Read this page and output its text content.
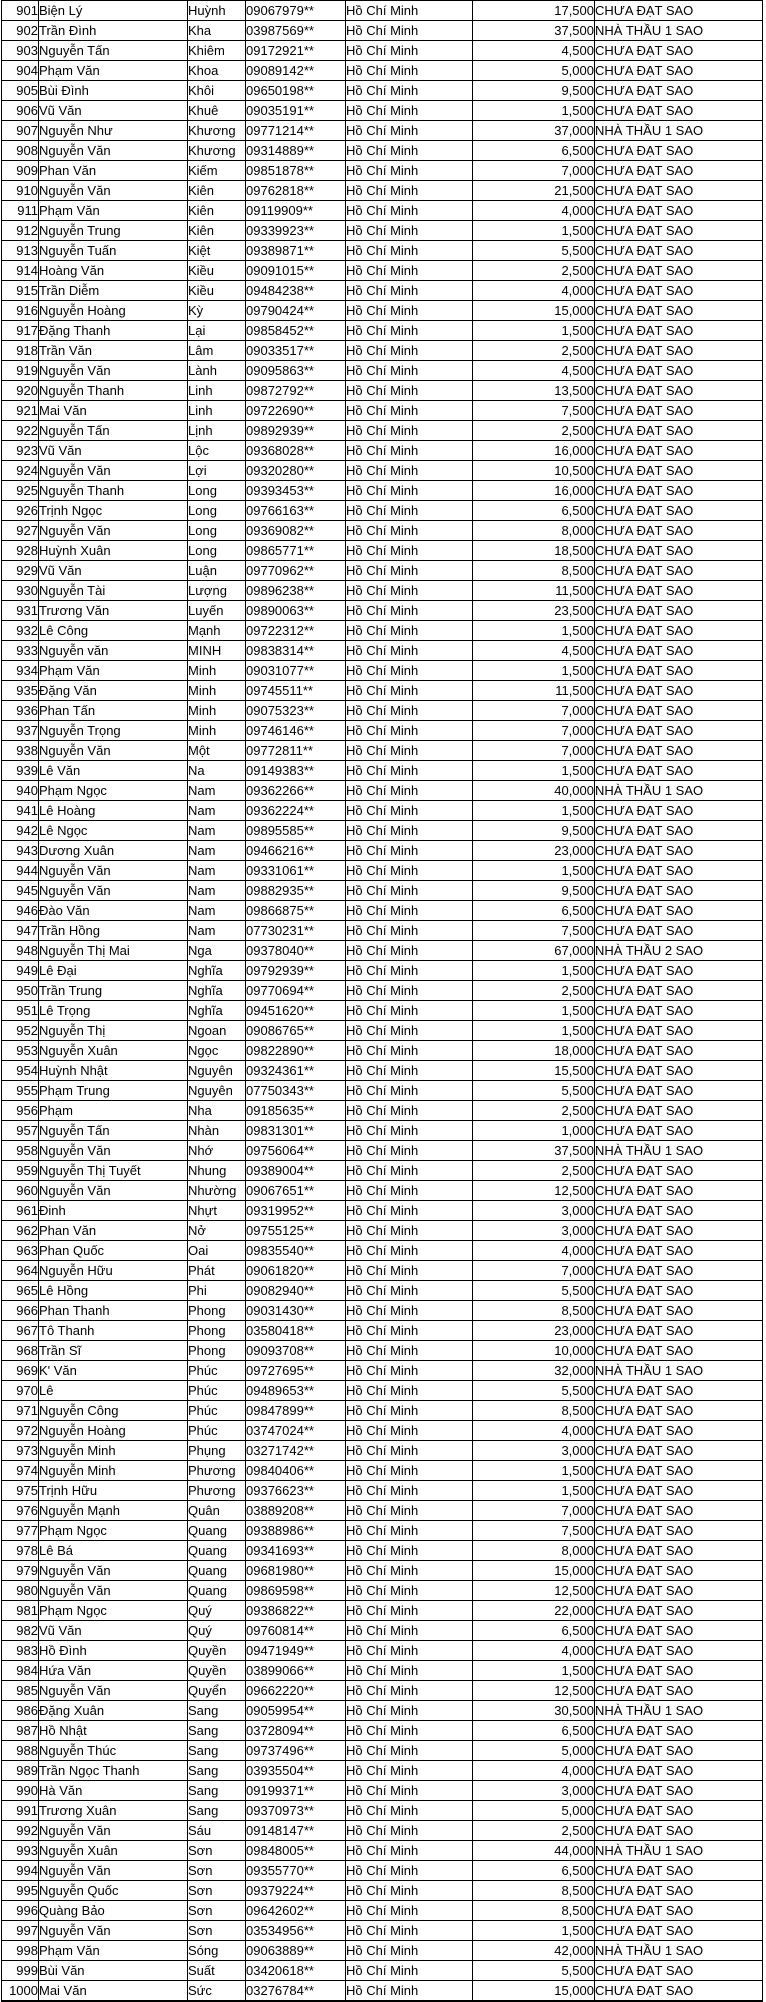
901	Biện Lý	Huỳnh	09067979**	Hồ Chí Minh	17,500	CHƯA ĐẠT SAO
902	Trần Đình	Kha	03987569**	Hồ Chí Minh	37,500	NHÀ THẦU 1 SAO
903	Nguyễn Tấn	Khiêm	09172921**	Hồ Chí Minh	4,500	CHƯA ĐẠT SAO
904	Phạm Văn	Khoa	09089142**	Hồ Chí Minh	5,000	CHƯA ĐẠT SAO
905	Bùi Đình	Khôi	09650198**	Hồ Chí Minh	9,500	CHƯA ĐẠT SAO
906	Vũ Văn	Khuê	09035191**	Hồ Chí Minh	1,500	CHƯA ĐẠT SAO
907	Nguyễn Như	Khương	09771214**	Hồ Chí Minh	37,000	NHÀ THẦU 1 SAO
908	Nguyễn Văn	Khương	09314889**	Hồ Chí Minh	6,500	CHƯA ĐẠT SAO
909	Phan Văn	Kiếm	09851878**	Hồ Chí Minh	7,000	CHƯA ĐẠT SAO
910	Nguyễn Văn	Kiên	09762818**	Hồ Chí Minh	21,500	CHƯA ĐẠT SAO
911	Phạm Văn	Kiên	09119909**	Hồ Chí Minh	4,000	CHƯA ĐẠT SAO
912	Nguyễn Trung	Kiên	09339923**	Hồ Chí Minh	1,500	CHƯA ĐẠT SAO
913	Nguyễn Tuấn	Kiệt	09389871**	Hồ Chí Minh	5,500	CHƯA ĐẠT SAO
914	Hoàng Văn	Kiều	09091015**	Hồ Chí Minh	2,500	CHƯA ĐẠT SAO
915	Trần Diễm	Kiều	09484238**	Hồ Chí Minh	4,000	CHƯA ĐẠT SAO
916	Nguyễn Hoàng	Kỳ	09790424**	Hồ Chí Minh	15,000	CHƯA ĐẠT SAO
917	Đặng Thanh	Lại	09858452**	Hồ Chí Minh	1,500	CHƯA ĐẠT SAO
918	Trần Văn	Lâm	09033517**	Hồ Chí Minh	2,500	CHƯA ĐẠT SAO
919	Nguyễn Văn	Lành	09095863**	Hồ Chí Minh	4,500	CHƯA ĐẠT SAO
920	Nguyễn Thanh	Linh	09872792**	Hồ Chí Minh	13,500	CHƯA ĐẠT SAO
921	Mai Văn	Linh	09722690**	Hồ Chí Minh	7,500	CHƯA ĐẠT SAO
922	Nguyễn Tấn	Lịnh	09892939**	Hồ Chí Minh	2,500	CHƯA ĐẠT SAO
923	Vũ Văn	Lộc	09368028**	Hồ Chí Minh	16,000	CHƯA ĐẠT SAO
924	Nguyễn Văn	Lợi	09320280**	Hồ Chí Minh	10,500	CHƯA ĐẠT SAO
925	Nguyễn Thanh	Long	09393453**	Hồ Chí Minh	16,000	CHƯA ĐẠT SAO
926	Trịnh Ngọc	Long	09766163**	Hồ Chí Minh	6,500	CHƯA ĐẠT SAO
927	Nguyễn Văn	Long	09369082**	Hồ Chí Minh	8,000	CHƯA ĐẠT SAO
928	Huỳnh Xuân	Long	09865771**	Hồ Chí Minh	18,500	CHƯA ĐẠT SAO
929	Vũ Văn	Luận	09770962**	Hồ Chí Minh	8,500	CHƯA ĐẠT SAO
930	Nguyễn Tài	Lượng	09896238**	Hồ Chí Minh	11,500	CHƯA ĐẠT SAO
931	Trương Văn	Luyến	09890063**	Hồ Chí Minh	23,500	CHƯA ĐẠT SAO
932	Lê Công	Mạnh	09722312**	Hồ Chí Minh	1,500	CHƯA ĐẠT SAO
933	Nguyễn văn	MINH	09838314**	Hồ Chí Minh	4,500	CHƯA ĐẠT SAO
934	Phạm Văn	Minh	09031077**	Hồ Chí Minh	1,500	CHƯA ĐẠT SAO
935	Đặng Văn	Minh	09745511**	Hồ Chí Minh	11,500	CHƯA ĐẠT SAO
936	Phan Tấn	Minh	09075323**	Hồ Chí Minh	7,000	CHƯA ĐẠT SAO
937	Nguyễn Trọng	Minh	09746146**	Hồ Chí Minh	7,000	CHƯA ĐẠT SAO
938	Nguyễn Văn	Một	09772811**	Hồ Chí Minh	7,000	CHƯA ĐẠT SAO
939	Lê Văn	Na	09149383**	Hồ Chí Minh	1,500	CHƯA ĐẠT SAO
940	Phạm Ngọc	Nam	09362266**	Hồ Chí Minh	40,000	NHÀ THẦU 1 SAO
941	Lê Hoàng	Nam	09362224**	Hồ Chí Minh	1,500	CHƯA ĐẠT SAO
942	Lê Ngọc	Nam	09895585**	Hồ Chí Minh	9,500	CHƯA ĐẠT SAO
943	Dương Xuân	Nam	09466216**	Hồ Chí Minh	23,000	CHƯA ĐẠT SAO
944	Nguyễn Văn	Nam	09331061**	Hồ Chí Minh	1,500	CHƯA ĐẠT SAO
945	Nguyễn Văn	Nam	09882935**	Hồ Chí Minh	9,500	CHƯA ĐẠT SAO
946	Đào Văn	Nam	09866875**	Hồ Chí Minh	6,500	CHƯA ĐẠT SAO
947	Trần Hồng	Nam	07730231**	Hồ Chí Minh	7,500	CHƯA ĐẠT SAO
948	Nguyễn Thị Mai	Nga	09378040**	Hồ Chí Minh	67,000	NHÀ THẦU 2 SAO
949	Lê Đại	Nghĩa	09792939**	Hồ Chí Minh	1,500	CHƯA ĐẠT SAO
950	Trần Trung	Nghĩa	09770694**	Hồ Chí Minh	2,500	CHƯA ĐẠT SAO
951	Lê Trọng	Nghĩa	09451620**	Hồ Chí Minh	1,500	CHƯA ĐẠT SAO
952	Nguyễn Thị	Ngoan	09086765**	Hồ Chí Minh	1,500	CHƯA ĐẠT SAO
953	Nguyễn Xuân	Ngọc	09822890**	Hồ Chí Minh	18,000	CHƯA ĐẠT SAO
954	Huỳnh Nhật	Nguyên	09324361**	Hồ Chí Minh	15,500	CHƯA ĐẠT SAO
955	Phạm Trung	Nguyên	07750343**	Hồ Chí Minh	5,500	CHƯA ĐẠT SAO
956	Phạm	Nha	09185635**	Hồ Chí Minh	2,500	CHƯA ĐẠT SAO
957	Nguyễn Tấn	Nhàn	09831301**	Hồ Chí Minh	1,000	CHƯA ĐẠT SAO
958	Nguyễn Văn	Nhớ	09756064**	Hồ Chí Minh	37,500	NHÀ THẦU 1 SAO
959	Nguyễn Thị Tuyết	Nhung	09389004**	Hồ Chí Minh	2,500	CHƯA ĐẠT SAO
960	Nguyễn Văn	Nhường	09067651**	Hồ Chí Minh	12,500	CHƯA ĐẠT SAO
961	Đinh	Nhựt	09319952**	Hồ Chí Minh	3,000	CHƯA ĐẠT SAO
962	Phan Văn	Nở	09755125**	Hồ Chí Minh	3,000	CHƯA ĐẠT SAO
963	Phan Quốc	Oai	09835540**	Hồ Chí Minh	4,000	CHƯA ĐẠT SAO
964	Nguyễn Hữu	Phát	09061820**	Hồ Chí Minh	7,000	CHƯA ĐẠT SAO
965	Lê Hồng	Phi	09082940**	Hồ Chí Minh	5,500	CHƯA ĐẠT SAO
966	Phan Thanh	Phong	09031430**	Hồ Chí Minh	8,500	CHƯA ĐẠT SAO
967	Tô Thanh	Phong	03580418**	Hồ Chí Minh	23,000	CHƯA ĐẠT SAO
968	Trần Sĩ	Phong	09093708**	Hồ Chí Minh	10,000	CHƯA ĐẠT SAO
969	K' Văn	Phúc	09727695**	Hồ Chí Minh	32,000	NHÀ THẦU 1 SAO
970	Lê	Phúc	09489653**	Hồ Chí Minh	5,500	CHƯA ĐẠT SAO
971	Nguyễn Công	Phúc	09847899**	Hồ Chí Minh	8,500	CHƯA ĐẠT SAO
972	Nguyễn Hoàng	Phúc	03747024**	Hồ Chí Minh	4,000	CHƯA ĐẠT SAO
973	Nguyễn Minh	Phụng	03271742**	Hồ Chí Minh	3,000	CHƯA ĐẠT SAO
974	Nguyễn Minh	Phương	09840406**	Hồ Chí Minh	1,500	CHƯA ĐẠT SAO
975	Trịnh Hữu	Phương	09376623**	Hồ Chí Minh	1,500	CHƯA ĐẠT SAO
976	Nguyễn Mạnh	Quân	03889208**	Hồ Chí Minh	7,000	CHƯA ĐẠT SAO
977	Phạm Ngọc	Quang	09388986**	Hồ Chí Minh	7,500	CHƯA ĐẠT SAO
978	Lê Bá	Quang	09341693**	Hồ Chí Minh	8,000	CHƯA ĐẠT SAO
979	Nguyễn Văn	Quang	09681980**	Hồ Chí Minh	15,000	CHƯA ĐẠT SAO
980	Nguyễn Văn	Quang	09869598**	Hồ Chí Minh	12,500	CHƯA ĐẠT SAO
981	Phạm Ngọc	Quý	09386822**	Hồ Chí Minh	22,000	CHƯA ĐẠT SAO
982	Vũ Văn	Quý	09760814**	Hồ Chí Minh	6,500	CHƯA ĐẠT SAO
983	Hồ Đình	Quyền	09471949**	Hồ Chí Minh	4,000	CHƯA ĐẠT SAO
984	Hứa Văn	Quyền	03899066**	Hồ Chí Minh	1,500	CHƯA ĐẠT SAO
985	Nguyễn Văn	Quyển	09662220**	Hồ Chí Minh	12,500	CHƯA ĐẠT SAO
986	Đặng Xuân	Sang	09059954**	Hồ Chí Minh	30,500	NHÀ THẦU 1 SAO
987	Hồ Nhật	Sang	03728094**	Hồ Chí Minh	6,500	CHƯA ĐẠT SAO
988	Nguyễn Thúc	Sang	09737496**	Hồ Chí Minh	5,000	CHƯA ĐẠT SAO
989	Trần Ngọc Thanh	Sang	03935504**	Hồ Chí Minh	4,000	CHƯA ĐẠT SAO
990	Hà Văn	Sang	09199371**	Hồ Chí Minh	3,000	CHƯA ĐẠT SAO
991	Trương Xuân	Sang	09370973**	Hồ Chí Minh	5,000	CHƯA ĐẠT SAO
992	Nguyễn Văn	Sáu	09148147**	Hồ Chí Minh	2,500	CHƯA ĐẠT SAO
993	Nguyễn Xuân	Sơn	09848005**	Hồ Chí Minh	44,000	NHÀ THẦU 1 SAO
994	Nguyễn Văn	Sơn	09355770**	Hồ Chí Minh	6,500	CHƯA ĐẠT SAO
995	Nguyễn Quốc	Sơn	09379224**	Hồ Chí Minh	8,500	CHƯA ĐẠT SAO
996	Quàng Bảo	Sơn	09642602**	Hồ Chí Minh	8,500	CHƯA ĐẠT SAO
997	Nguyễn Văn	Sơn	03534956**	Hồ Chí Minh	1,500	CHƯA ĐẠT SAO
998	Phạm Văn	Sóng	09063889**	Hồ Chí Minh	42,000	NHÀ THẦU 1 SAO
999	Bùi Văn	Suất	03420618**	Hồ Chí Minh	5,500	CHƯA ĐẠT SAO
1000	Mai Văn	Sức	03276784**	Hồ Chí Minh	15,000	CHƯA ĐẠT SAO
